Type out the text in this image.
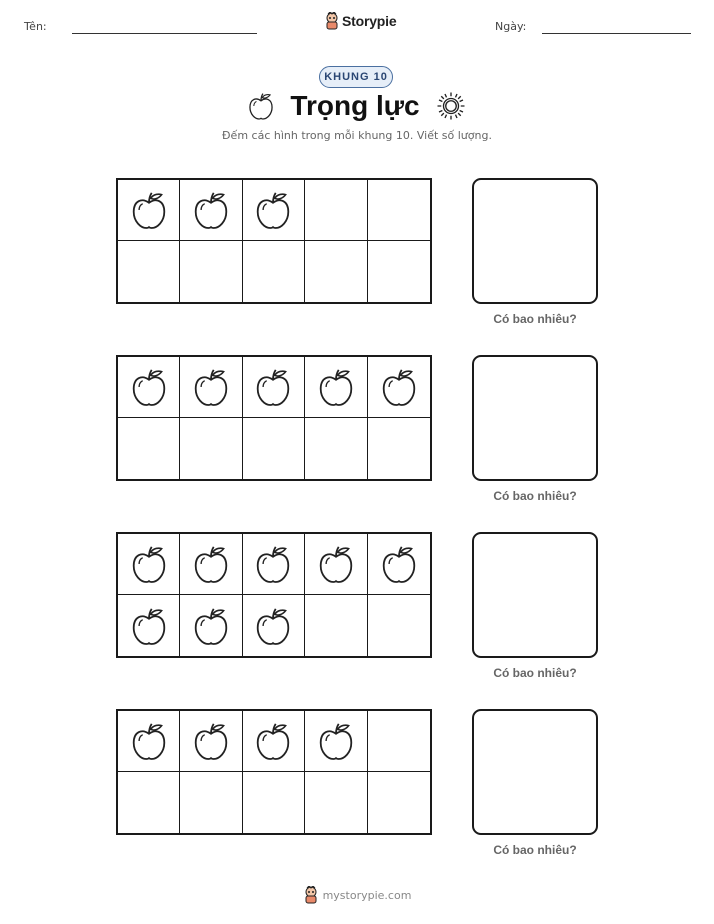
Tên:	Storypie	Ngày:
KHUNG 10
Trọng lực
Đếm các hình trong mỗi khung 10. Viết số lượng.
Có bao nhiêu?
Có bao nhiêu?
Có bao nhiêu?
Có bao nhiêu?
mystorypie.com
